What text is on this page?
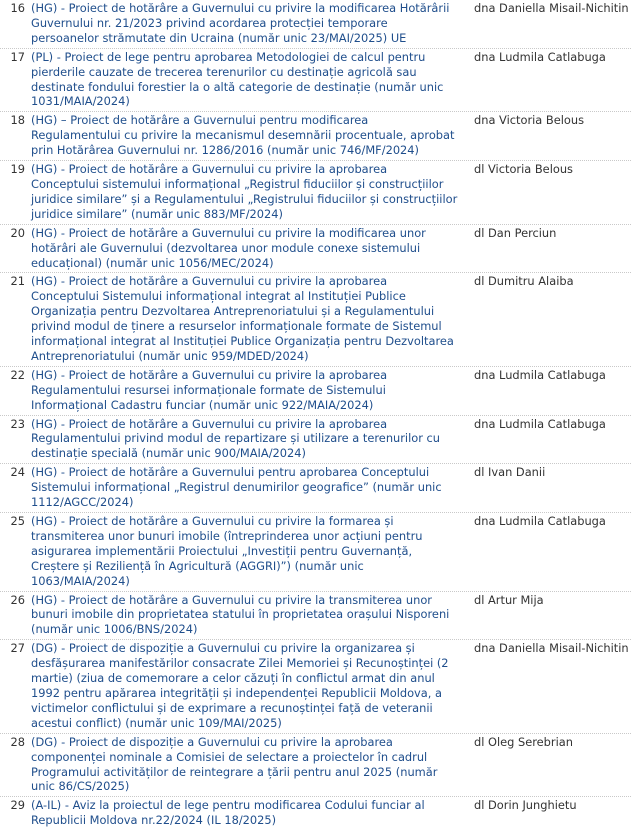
16 (HG) - Proiect de hotărâre a Guvernului cu privire la modificarea Hotărârii Guvernului nr. 21/2023 privind acordarea protecției temporare persoanelor strămutate din Ucraina (număr unic 23/MAI/2025) UE
dna Daniella Misail-Nichitin
17 (PL) - Proiect de lege pentru aprobarea Metodologiei de calcul pentru pierderile cauzate de trecerea terenurilor cu destinație agricolă sau destinate fondului forestier la o altă categorie de destinație (număr unic 1031/MAIA/2024)
dna Ludmila Catlabuga
18 (HG) – Proiect de hotărâre a Guvernului pentru modificarea Regulamentului cu privire la mecanismul desemnării procentuale, aprobat prin Hotărârea Guvernului nr. 1286/2016 (număr unic 746/MF/2024)
dna Victoria Belous
19 (HG) - Proiect de hotărâre a Guvernului cu privire la aprobarea Conceptului sistemului informațional „Registrul fiduciilor și construcțiilor juridice similare” și a Regulamentului „Registrului fiduciilor și construcțiilor juridice similare” (număr unic 883/MF/2024)
dl Victoria Belous
20 (HG) - Proiect de hotărâre a Guvernului cu privire la modificarea unor hotărâri ale Guvernului (dezvoltarea unor module conexe sistemului educațional) (număr unic 1056/MEC/2024)
dl Dan Perciun
21 (HG) - Proiect de hotărâre a Guvernului cu privire la aprobarea Conceptului Sistemului informațional integrat al Instituției Publice Organizația pentru Dezvoltarea Antreprenoriatului și a Regulamentului privind modul de ținere a resurselor informaționale formate de Sistemul informațional integrat al Instituției Publice Organizația pentru Dezvoltarea Antreprenoriatului (număr unic 959/MDED/2024)
dl Dumitru Alaiba
22 (HG) - Proiect de hotărâre a Guvernului cu privire la aprobarea Regulamentului resursei informaționale formate de Sistemului Informațional Cadastru funciar (număr unic 922/MAIA/2024)
dna Ludmila Catlabuga
23 (HG) - Proiect de hotărâre a Guvernului cu privire la aprobarea Regulamentului privind modul de repartizare și utilizare a terenurilor cu destinație specială (număr unic 900/MAIA/2024)
dna Ludmila Catlabuga
24 (HG) - Proiect de hotărâre a Guvernului pentru aprobarea Conceptului Sistemului informațional „Registrul denumirilor geografice” (număr unic 1112/AGCC/2024)
dl Ivan Danii
25 (HG) - Proiect de hotărâre a Guvernului cu privire la formarea și transmiterea unor bunuri imobile (întreprinderea unor acțiuni pentru asigurarea implementării Proiectului „Investiții pentru Guvernanță, Creștere și Reziliență în Agricultură (AGGRI)”) (număr unic 1063/MAIA/2024)
dna Ludmila Catlabuga
26 (HG) - Proiect de hotărâre a Guvernului cu privire la transmiterea unor bunuri imobile din proprietatea statului în proprietatea orașului Nisporeni (număr unic 1006/BNS/2024)
dl Artur Mija
27 (DG) - Proiect de dispoziție a Guvernului cu privire la organizarea și desfășurarea manifestărilor consacrate Zilei Memoriei și Recunoștinței (2 martie) (ziua de comemorare a celor căzuți în conflictul armat din anul 1992 pentru apărarea integrității și independenței Republicii Moldova, a victimelor conflictului și de exprimare a recunoștinței față de veteranii acestui conflict) (număr unic 109/MAI/2025)
dna Daniella Misail-Nichitin
28 (DG) - Proiect de dispoziție a Guvernului cu privire la aprobarea componenței nominale a Comisiei de selectare a proiectelor în cadrul Programului activităților de reintegrare a țării pentru anul 2025 (număr unic 86/CS/2025)
dl Oleg Serebrian
29 (A-IL) - Aviz la proiectul de lege pentru modificarea Codului funciar al Republicii Moldova nr.22/2024 (IL 18/2025)
dl Dorin Junghietu
